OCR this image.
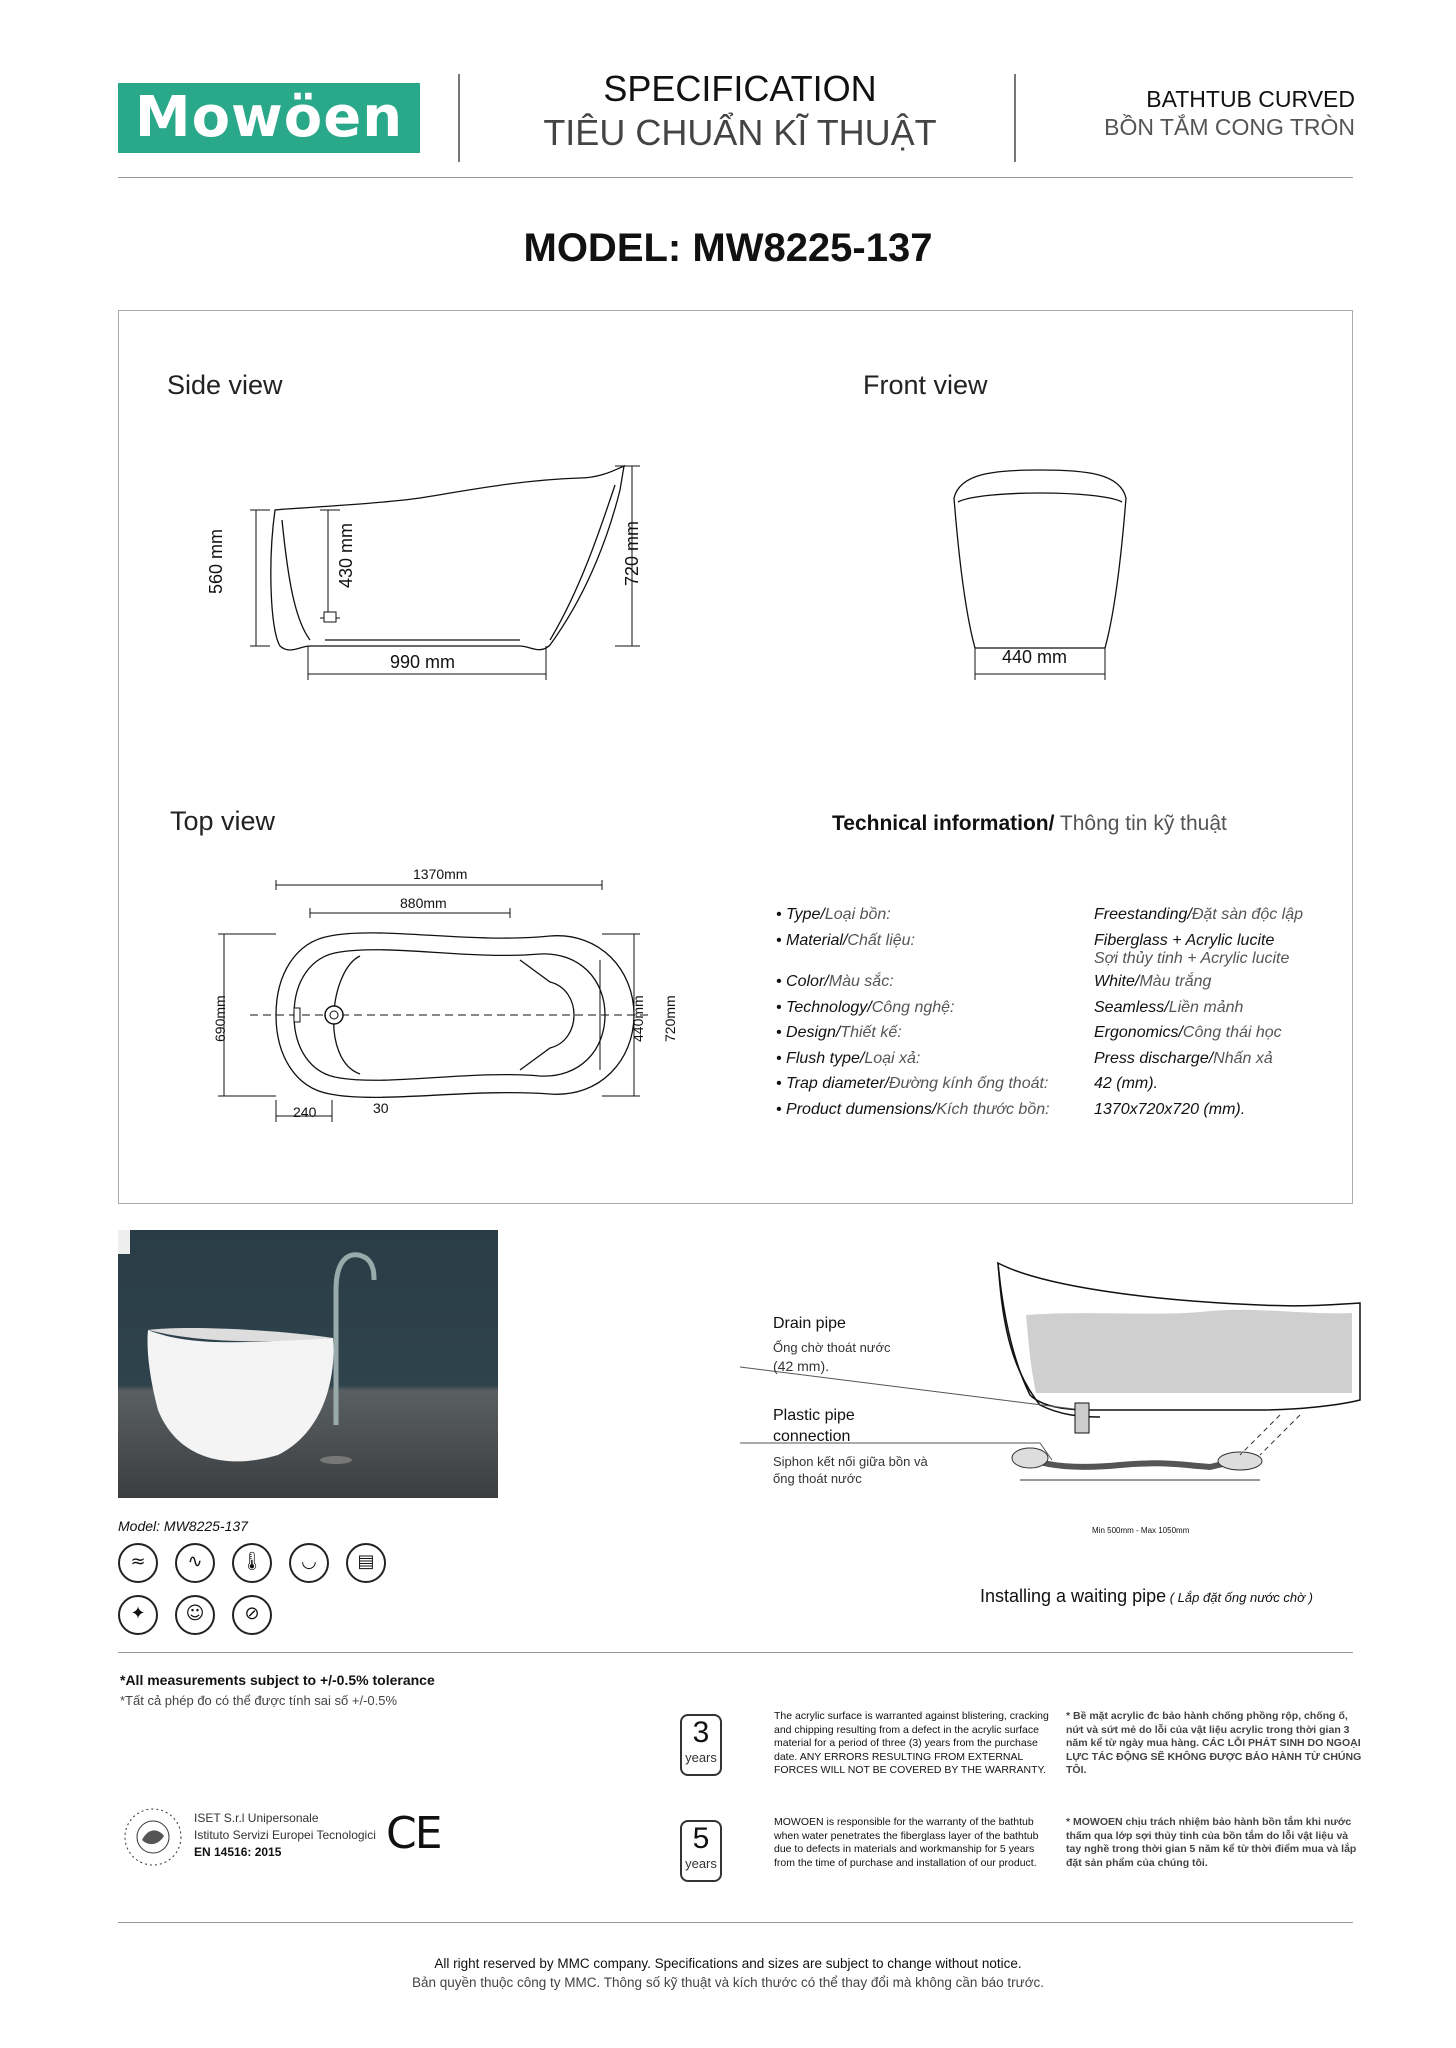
Mowöen	SPECIFICATION
TIÊU CHUẨN KĨ THUẬT
BATHTUB CURVED
BỒN TẮM CONG TRÒN
MODEL: MW8225-137
Side view	Front view
Top view
560 mm	430 mm	720 mm
990 mm	440 mm
1370mm
880mm
690mm	440mm 720mm
240	30
Technical information/ Thông tin kỹ thuật
• Type/Loại bồn:	Freestanding/Đặt sàn độc lập
• Material/Chất liệu:	Fiberglass + Acrylic lucite
Sợi thủy tinh + Acrylic lucite
• Color/Màu sắc:	White/Màu trắng
• Technology/Công nghệ:	Seamless/Liền mảnh
• Design/Thiết kế:	Ergonomics/Công thái học
• Flush type/Loại xả:	Press discharge/Nhấn xả
• Trap diameter/Đường kính ống thoát:	42 (mm).
• Product dumensions/Kích thước bồn:	1370x720x720 (mm).
Model: MW8225-137
≈	∿	🌡	◡	▤
✦	☺	⊘
Drain pipe
Ống chờ thoát nước
(42 mm).
Plastic pipe
connection
Siphon kết nối giữa bồn và
ống thoát nước
Min 500mm - Max 1050mm
Installing a waiting pipe ( Lắp đặt ống nước chờ )
*All measurements subject to +/-0.5% tolerance
*Tất cả phép đo có thể được tính sai số +/-0.5%
ISET S.r.l Unipersonale
Istituto Servizi Europei Tecnologici
EN 14516: 2015 CE
3
years
The acrylic surface is warranted against blistering, cracking and chipping resulting from a defect in the acrylic surface material for a period of three (3) years from the purchase date. ANY ERRORS RESULTING FROM EXTERNAL FORCES WILL NOT BE COVERED BY THE WARRANTY.
* Bề mặt acrylic đc bảo hành chống phồng rộp, chống ố, nứt và sứt mẻ do lỗi của vật liệu acrylic trong thời gian 3 năm kể từ ngày mua hàng. CÁC LỖI PHÁT SINH DO NGOẠI LỰC TÁC ĐỘNG SẼ KHÔNG ĐƯỢC BẢO HÀNH TỪ CHÚNG TÔI.
5
years
MOWOEN is responsible for the warranty of the bathtub when water penetrates the fiberglass layer of the bathtub due to defects in materials and workmanship for 5 years from the time of purchase and installation of our product.
* MOWOEN chịu trách nhiệm bảo hành bồn tắm khi nước thấm qua lớp sợi thủy tinh của bồn tắm do lỗi vật liệu và tay nghề trong thời gian 5 năm kể từ thời điểm mua và lắp đặt sản phẩm của chúng tôi.
All right reserved by MMC company. Specifications and sizes are subject to change without notice.
Bản quyền thuộc công ty MMC. Thông số kỹ thuật và kích thước có thể thay đổi mà không cần báo trước.
